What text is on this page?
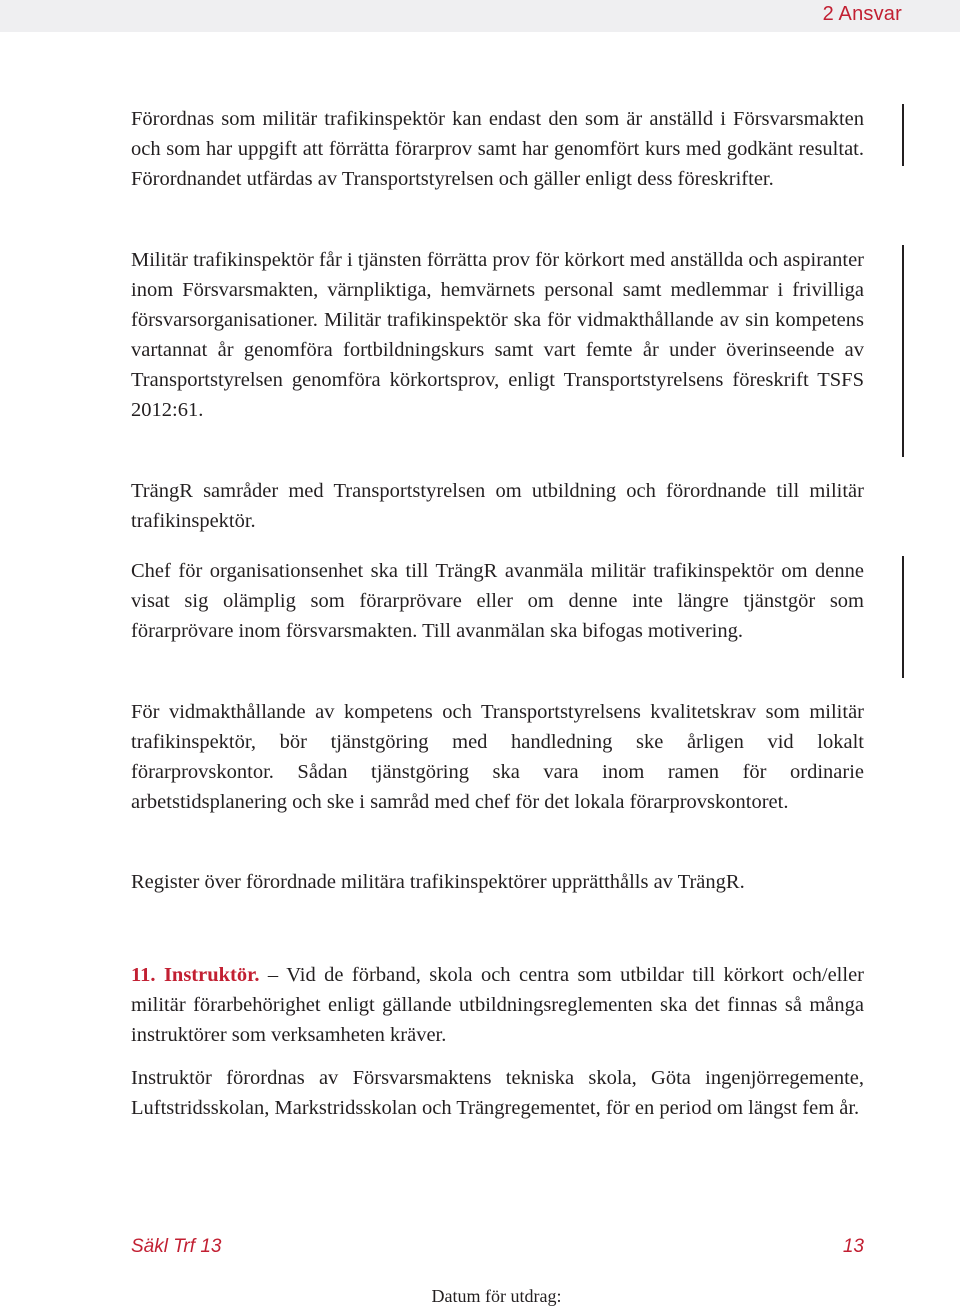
2 Ansvar

Förordnas som militär trafikinspektör kan endast den som är anställd i Försvarsmakten och som har uppgift att förrätta förarprov samt har genomfört kurs med godkänt resultat. Förordnandet utfärdas av Transportstyrelsen och gäller enligt dess föreskrifter.

Militär trafikinspektör får i tjänsten förrätta prov för körkort med anställda och aspiranter inom Försvarsmakten, värnpliktiga, hemvärnets personal samt medlemmar i frivilliga försvarsorganisationer. Militär trafikinspektör ska för vidmakthållande av sin kompetens vartannat år genomföra fortbildningskurs samt vart femte år under överinseende av Transportstyrelsen genomföra körkortsprov, enligt Transportstyrelsens föreskrift TSFS 2012:61.

TrängR samråder med Transportstyrelsen om utbildning och förordnande till militär trafikinspektör.

Chef för organisationsenhet ska till TrängR avanmäla militär trafikinspektör om denne visat sig olämplig som förarprövare eller om denne inte längre tjänstgör som förarprövare inom försvarsmakten. Till avanmälan ska bifogas motivering.

För vidmakthållande av kompetens och Transportstyrelsens kvalitetskrav som militär trafikinspektör, bör tjänstgöring med handledning ske årligen vid lokalt förarprovskontor. Sådan tjänstgöring ska vara inom ramen för ordinarie arbetstidsplanering och ske i samråd med chef för det lokala förarprovskontoret.

Register över förordnade militära trafikinspektörer upprätthålls av TrängR.

11. Instruktör. – Vid de förband, skola och centra som utbildar till körkort och/eller militär förarbehörighet enligt gällande utbildningsreglementen ska det finnas så många instruktörer som verksamheten kräver.

Instruktör förordnas av Försvarsmaktens tekniska skola, Göta ingenjörregemente, Luftstridsskolan, Markstridsskolan och Trängregementet, för en period om längst fem år.

Säkl Trf 13	13
Datum för utdrag:
